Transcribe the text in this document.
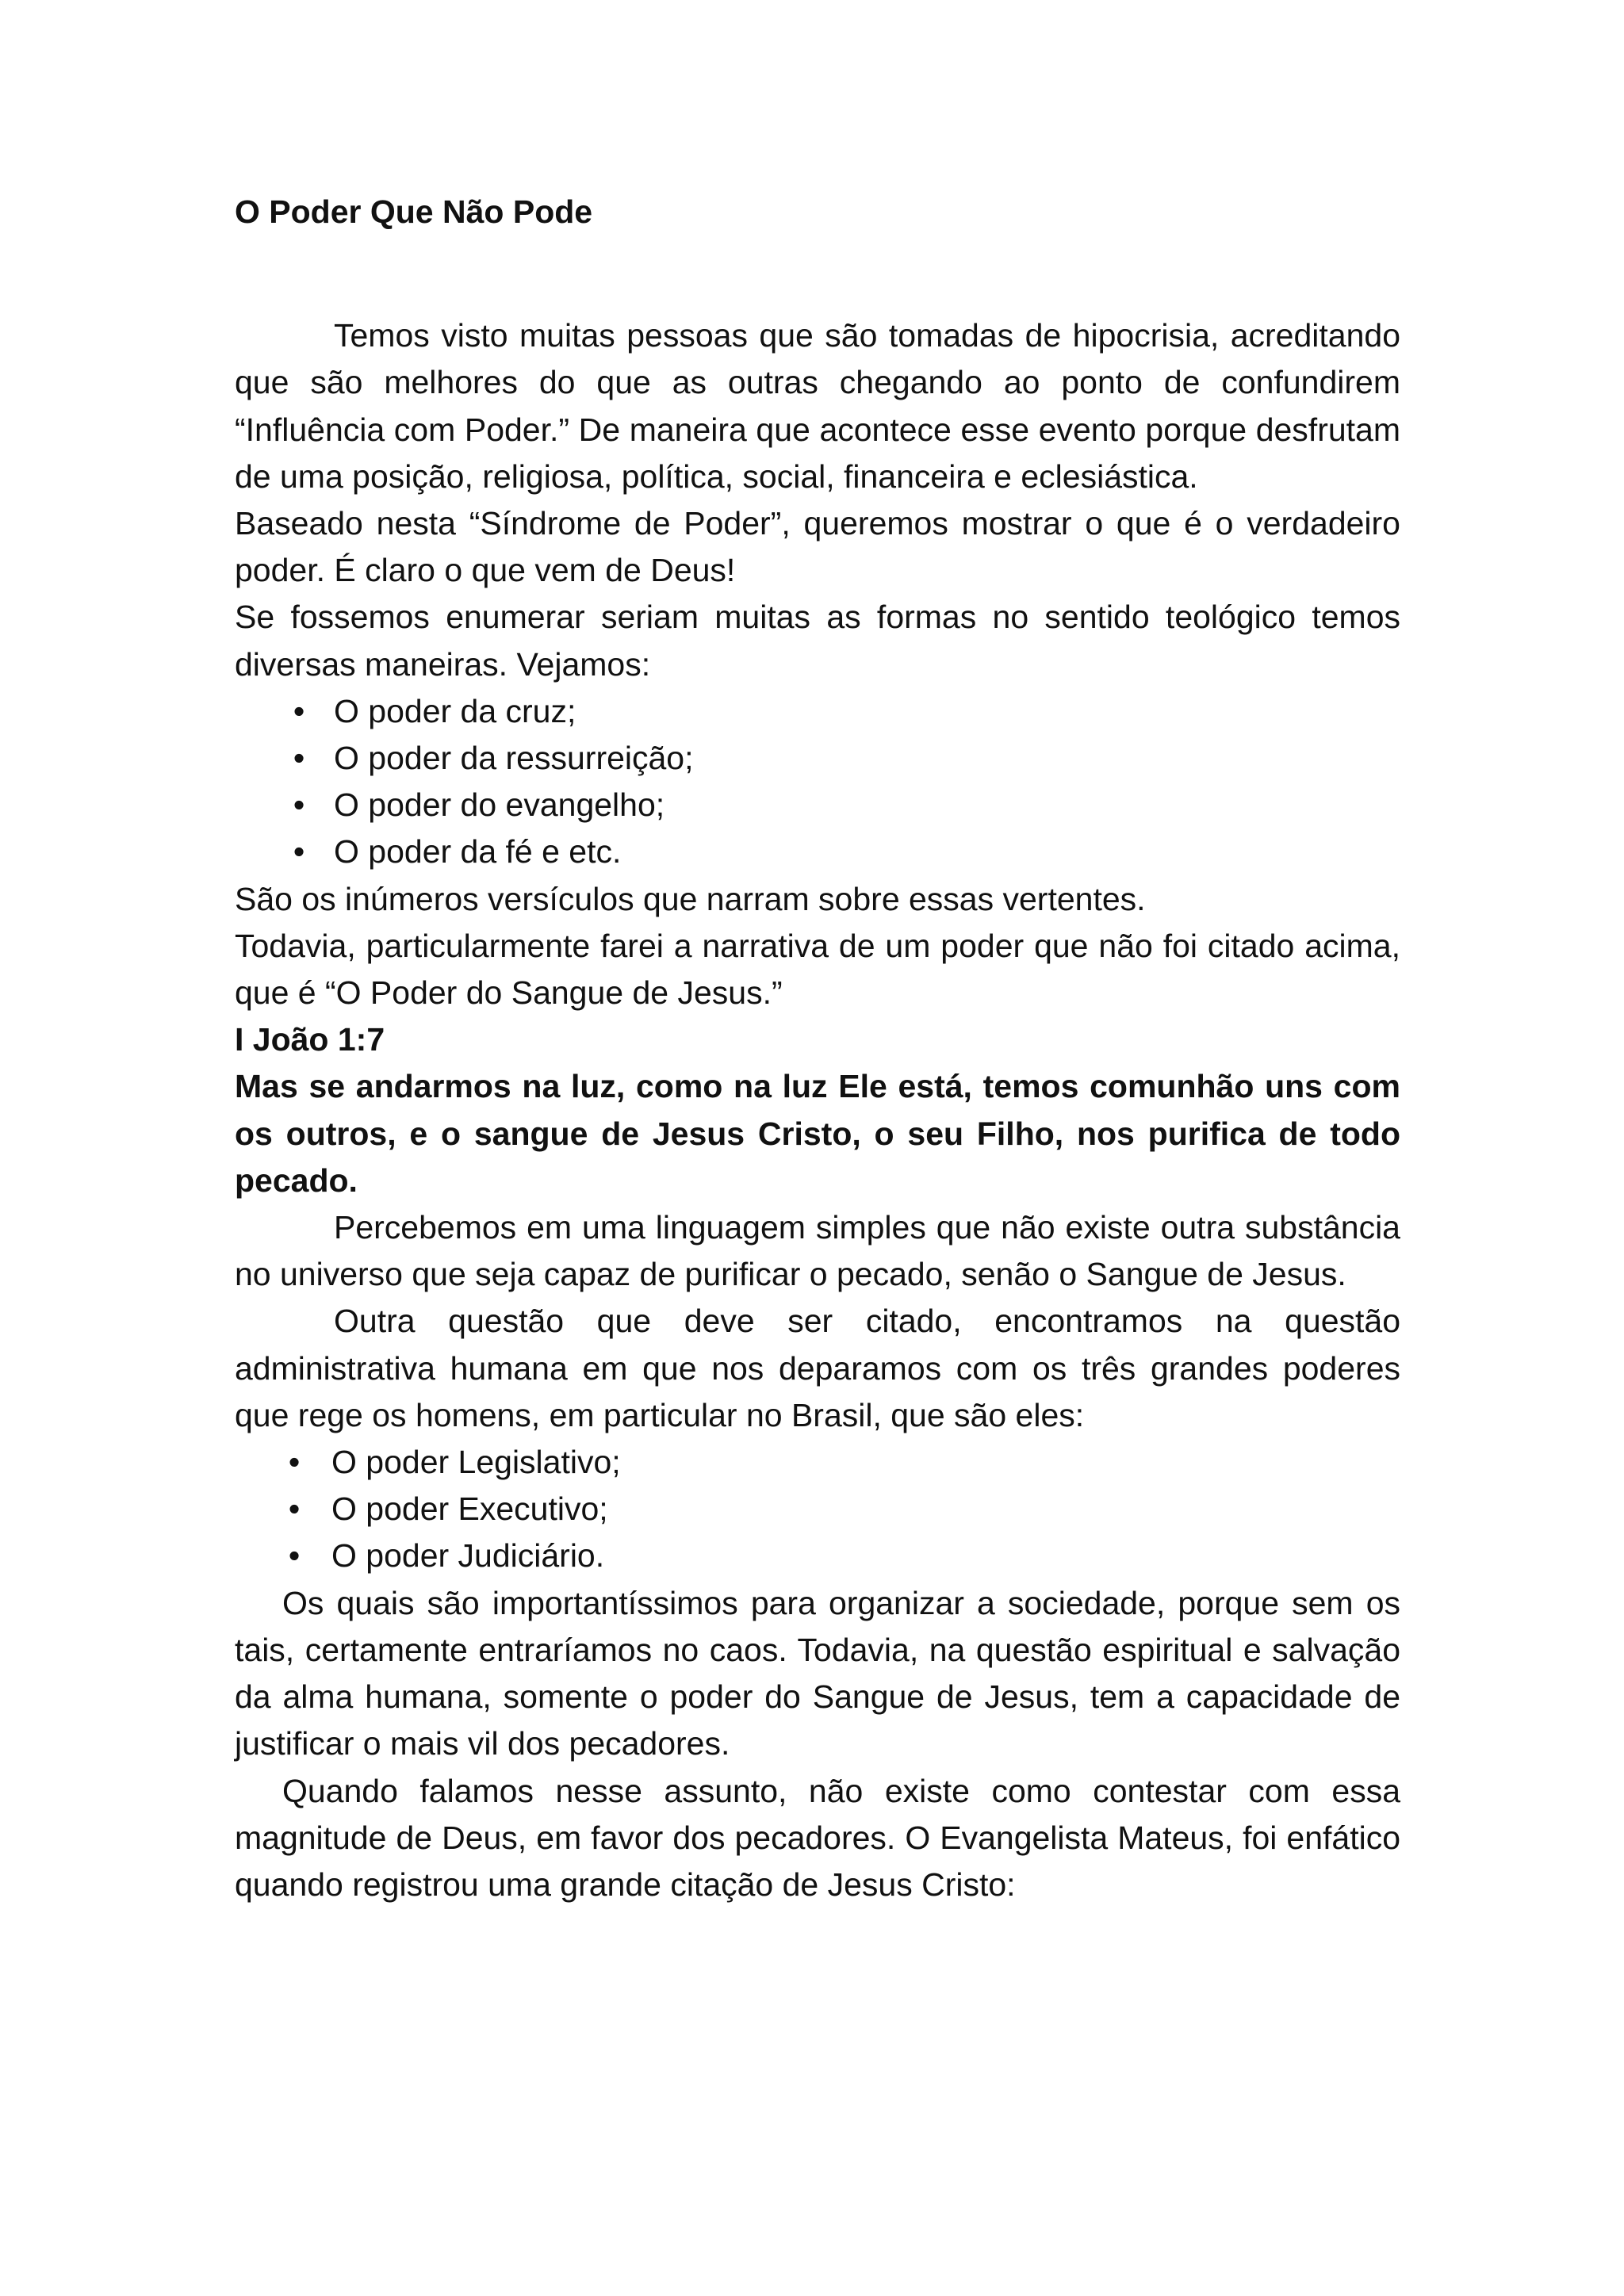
O Poder Que Não Pode

Temos visto muitas pessoas que são tomadas de hipocrisia, acreditando que são melhores do que as outras chegando ao ponto de confundirem “Influência com Poder.” De maneira que acontece esse evento porque desfrutam de uma posição, religiosa, política, social, financeira e eclesiástica.

Baseado nesta “Síndrome de Poder”, queremos mostrar o que é o verdadeiro poder. É claro o que vem de Deus!

Se fossemos enumerar seriam muitas as formas no sentido teológico temos diversas maneiras. Vejamos:

• O poder da cruz;
• O poder da ressurreição;
• O poder do evangelho;
• O poder da fé e etc.

São os inúmeros versículos que narram sobre essas vertentes.

Todavia, particularmente farei a narrativa de um poder que não foi citado acima, que é “O Poder do Sangue de Jesus.”

I João 1:7

Mas se andarmos na luz, como na luz Ele está, temos comunhão uns com os outros, e o sangue de Jesus Cristo, o seu Filho, nos purifica de todo pecado.

Percebemos em uma linguagem simples que não existe outra substância no universo que seja capaz de purificar o pecado, senão o Sangue de Jesus.

Outra questão que deve ser citado, encontramos na questão administrativa humana em que nos deparamos com os três grandes poderes que rege os homens, em particular no Brasil, que são eles:

• O poder Legislativo;
• O poder Executivo;
• O poder Judiciário.

Os quais são importantíssimos para organizar a sociedade, porque sem os tais, certamente entraríamos no caos. Todavia, na questão espiritual e salvação da alma humana, somente o poder do Sangue de Jesus, tem a capacidade de justificar o mais vil dos pecadores.

Quando falamos nesse assunto, não existe como contestar com essa magnitude de Deus, em favor dos pecadores. O Evangelista Mateus, foi enfático quando registrou uma grande citação de Jesus Cristo:
